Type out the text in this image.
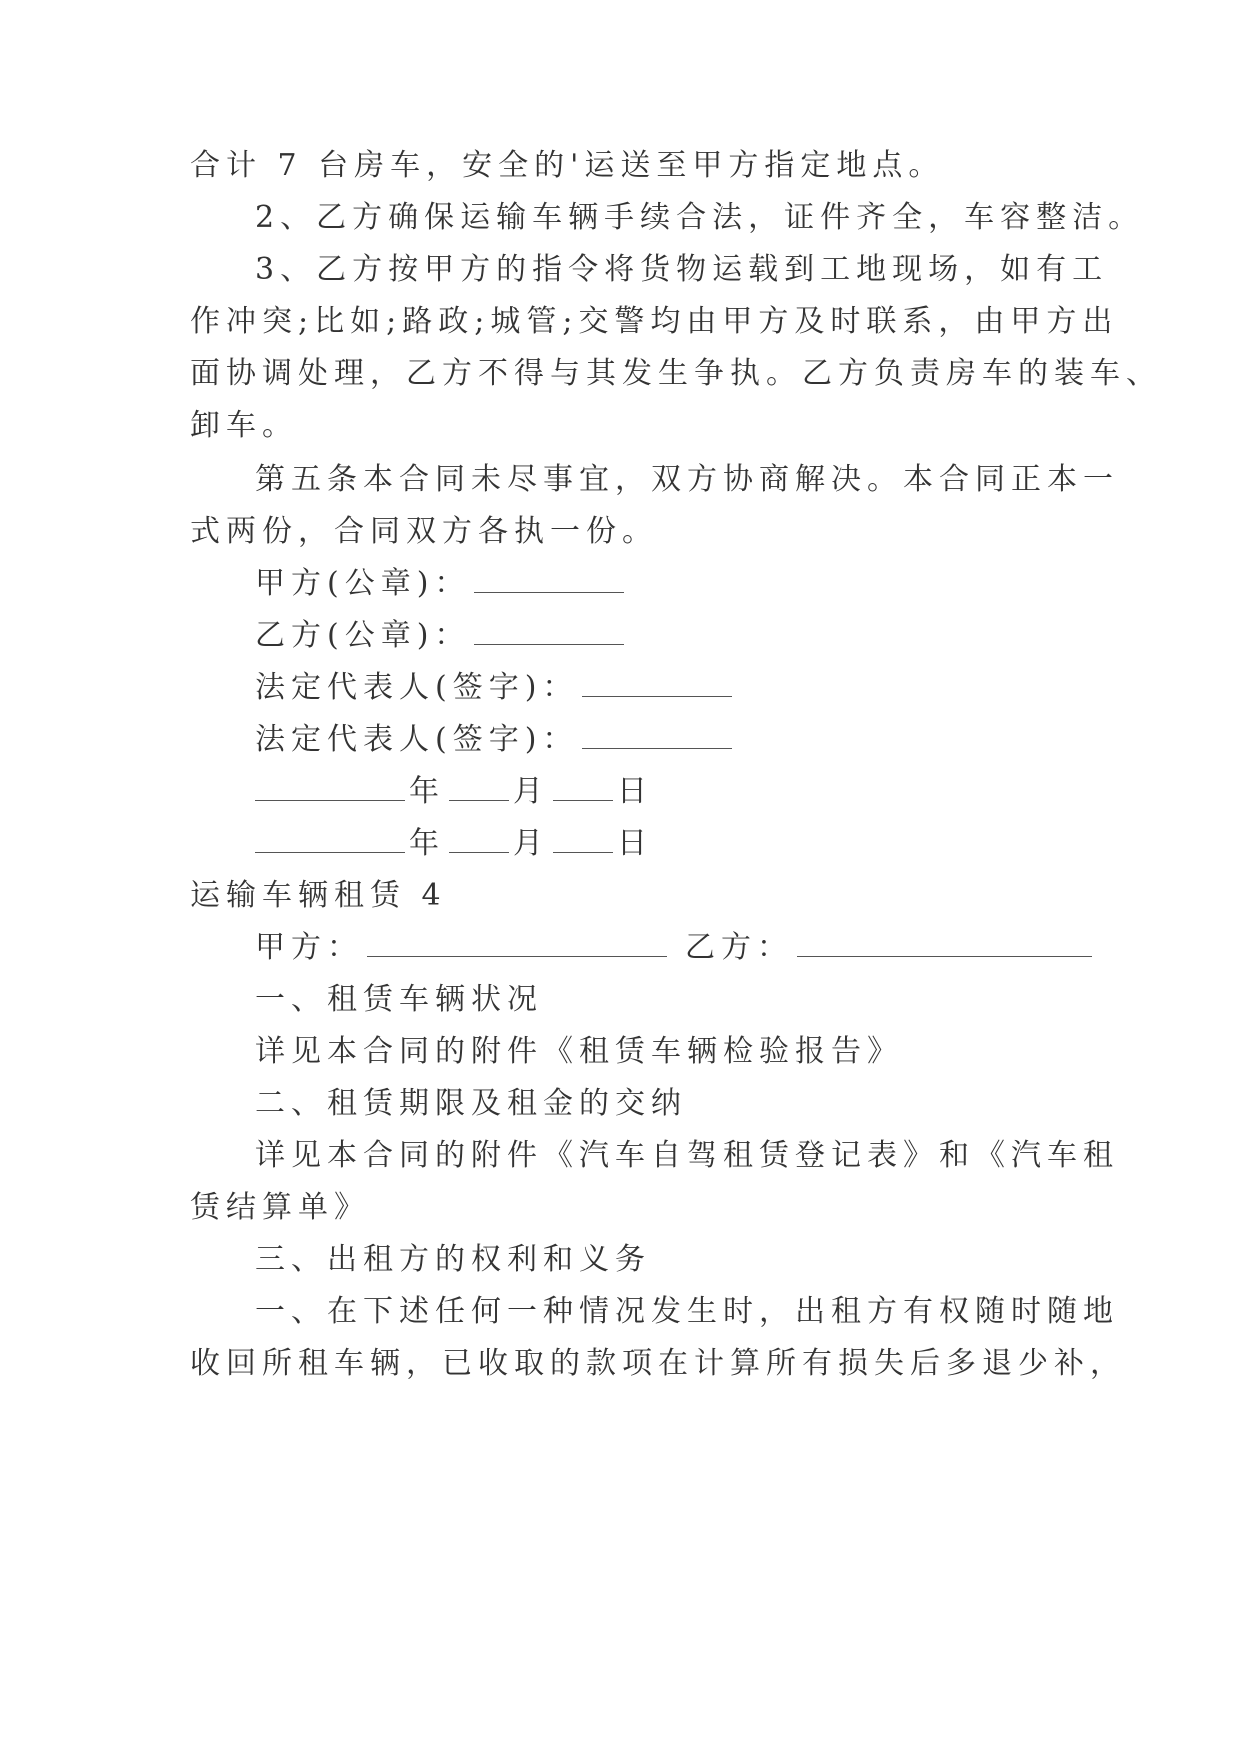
合计 7 台房车，安全的'运送至甲方指定地点。
2、乙方确保运输车辆手续合法，证件齐全，车容整洁。
3、乙方按甲方的指令将货物运载到工地现场，如有工
作冲突;比如;路政;城管;交警均由甲方及时联系，由甲方出
面协调处理，乙方不得与其发生争执。乙方负责房车的装车、
卸车。
第五条本合同未尽事宜，双方协商解决。本合同正本一
式两份，合同双方各执一份。
甲方(公章)：
乙方(公章)：
法定代表人(签字)：
法定代表人(签字)：
年 月 日
年 月 日
运输车辆租赁 4
甲方：	乙方：
一、租赁车辆状况
详见本合同的附件《租赁车辆检验报告》
二、租赁期限及租金的交纳
详见本合同的附件《汽车自驾租赁登记表》和《汽车租
赁结算单》
三、出租方的权利和义务
一、在下述任何一种情况发生时，出租方有权随时随地
收回所租车辆，已收取的款项在计算所有损失后多退少补，
